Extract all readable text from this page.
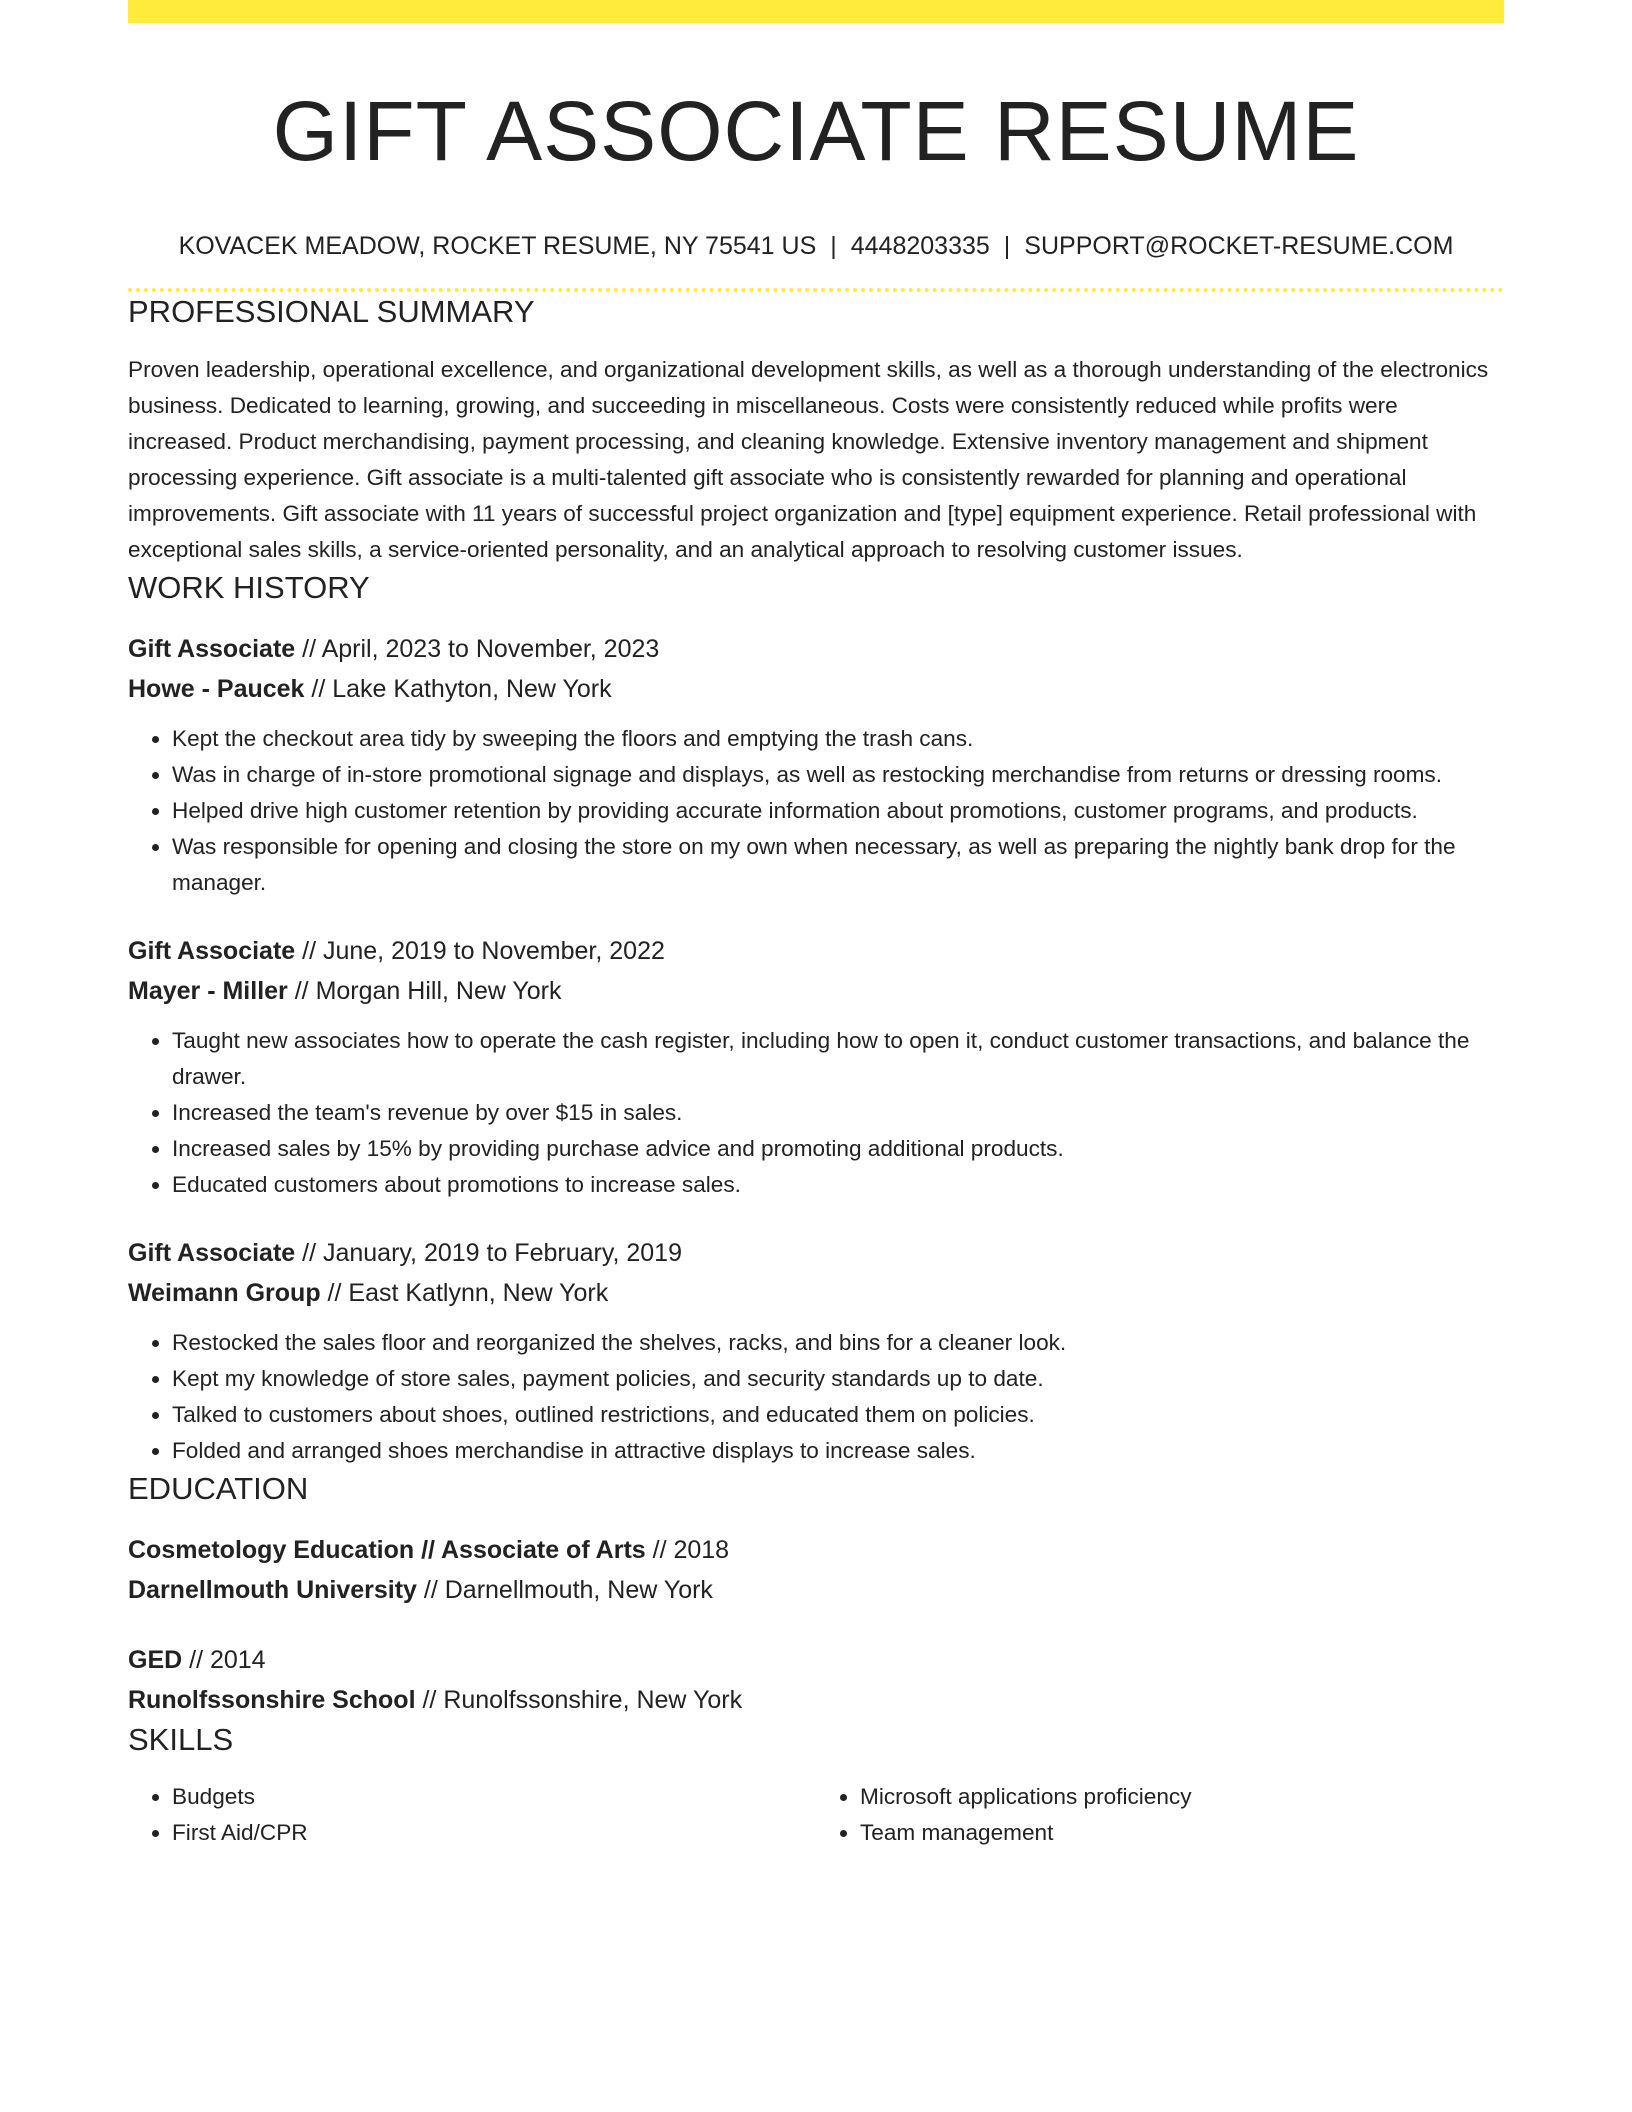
GIFT ASSOCIATE RESUME
KOVACEK MEADOW, ROCKET RESUME, NY 75541 US | 4448203335 | SUPPORT@ROCKET-RESUME.COM
PROFESSIONAL SUMMARY

Proven leadership, operational excellence, and organizational development skills, as well as a thorough understanding of the electronics business. Dedicated to learning, growing, and succeeding in miscellaneous. Costs were consistently reduced while profits were increased. Product merchandising, payment processing, and cleaning knowledge. Extensive inventory management and shipment processing experience. Gift associate is a multi-talented gift associate who is consistently rewarded for planning and operational improvements. Gift associate with 11 years of successful project organization and [type] equipment experience. Retail professional with exceptional sales skills, a service-oriented personality, and an analytical approach to resolving customer issues.

WORK HISTORY
Gift Associate // April, 2023 to November, 2023
Howe - Paucek // Lake Kathyton, New York
• Kept the checkout area tidy by sweeping the floors and emptying the trash cans.
• Was in charge of in-store promotional signage and displays, as well as restocking merchandise from returns or dressing rooms.
• Helped drive high customer retention by providing accurate information about promotions, customer programs, and products.
• Was responsible for opening and closing the store on my own when necessary, as well as preparing the nightly bank drop for the manager.
Gift Associate // June, 2019 to November, 2022
Mayer - Miller // Morgan Hill, New York
• Taught new associates how to operate the cash register, including how to open it, conduct customer transactions, and balance the drawer.
• Increased the team's revenue by over $15 in sales.
• Increased sales by 15% by providing purchase advice and promoting additional products.
• Educated customers about promotions to increase sales.
Gift Associate // January, 2019 to February, 2019
Weimann Group // East Katlynn, New York
• Restocked the sales floor and reorganized the shelves, racks, and bins for a cleaner look.
• Kept my knowledge of store sales, payment policies, and security standards up to date.
• Talked to customers about shoes, outlined restrictions, and educated them on policies.
• Folded and arranged shoes merchandise in attractive displays to increase sales.
EDUCATION
Cosmetology Education // Associate of Arts // 2018
Darnellmouth University // Darnellmouth, New York
GED // 2014
Runolfssonshire School // Runolfssonshire, New York
SKILLS
• Budgets
• First Aid/CPR
• Microsoft applications proficiency
• Team management
